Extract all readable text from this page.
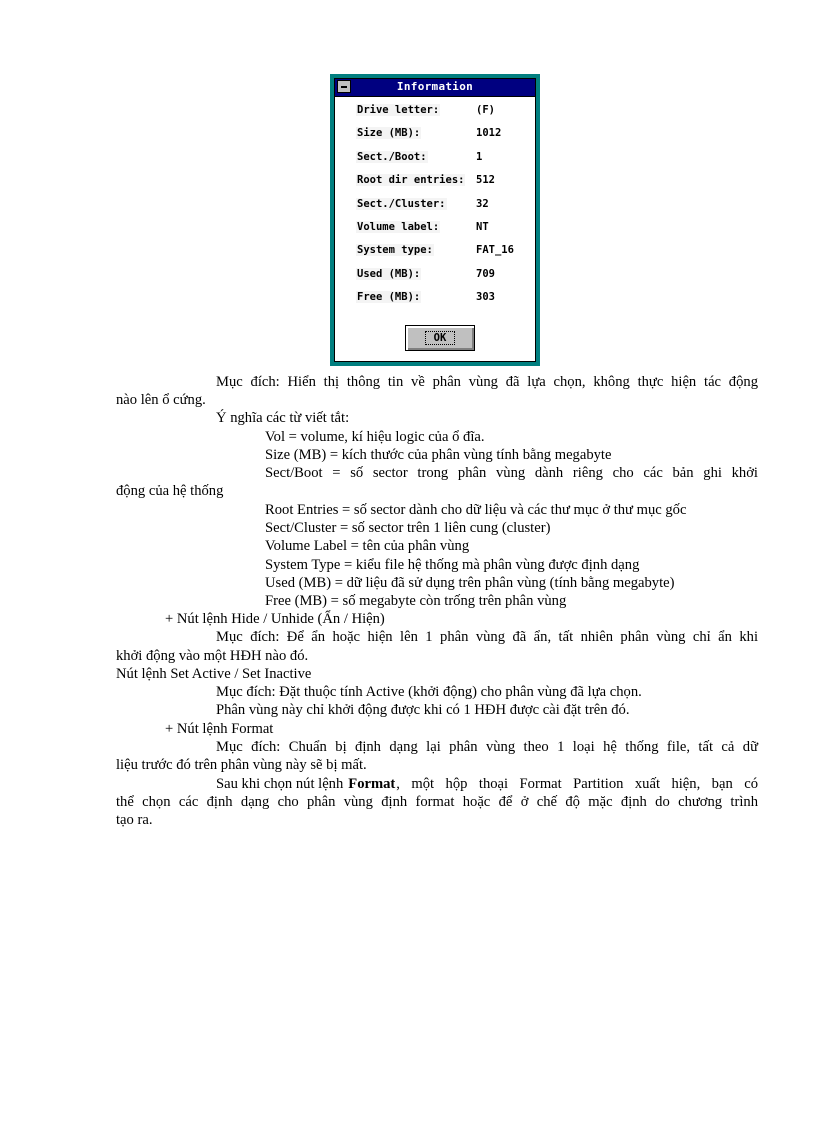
Information
Drive letter:	(F)
Size (MB):	1012
Sect./Boot:	1
Root dir entries: 512
Sect./Cluster:	32
Volume label:	NT
System type:	FAT_16
Used (MB):	709
Free (MB):	303
OK
Mục đích: Hiển thị thông tin về phân vùng đã lựa chọn, không thực hiện tác động
nào lên ổ cứng.
Ý nghĩa các từ viết tắt:
Vol = volume, kí hiệu logic của ổ đĩa.
Size (MB) = kích thước của phân vùng tính bằng megabyte
Sect/Boot = số sector trong phân vùng dành riêng cho các bản ghi khởi
động của hệ thống
Root Entries = số sector dành cho dữ liệu và các thư mục ở thư mục gốc
Sect/Cluster = số sector trên 1 liên cung (cluster)
Volume Label = tên của phân vùng
System Type = kiểu file hệ thống mà phân vùng được định dạng
Used (MB) = dữ liệu đã sử dụng trên phân vùng (tính bằng megabyte)
Free (MB) = số megabyte còn trống trên phân vùng
+ Nút lệnh Hide / Unhide (Ẩn / Hiện)
Mục đích: Để ẩn hoặc hiện lên 1 phân vùng đã ẩn, tất nhiên phân vùng chỉ ẩn khi
khởi động vào một HĐH nào đó.
Nút lệnh Set Active / Set Inactive
Mục đích: Đặt thuộc tính Active (khởi động) cho phân vùng đã lựa chọn.
Phân vùng này chỉ khởi động được khi có 1 HĐH được cài đặt trên đó.
+ Nút lệnh Format
Mục đích: Chuẩn bị định dạng lại phân vùng theo 1 loại hệ thống file, tất cả dữ
liệu trước đó trên phân vùng này sẽ bị mất.
Sau khi chọn nút lệnh Format , một hộp thoại Format Partition xuất hiện, bạn có
thể chọn các định dạng cho phân vùng định format hoặc để ở chế độ mặc định do chương trình
tạo ra.
